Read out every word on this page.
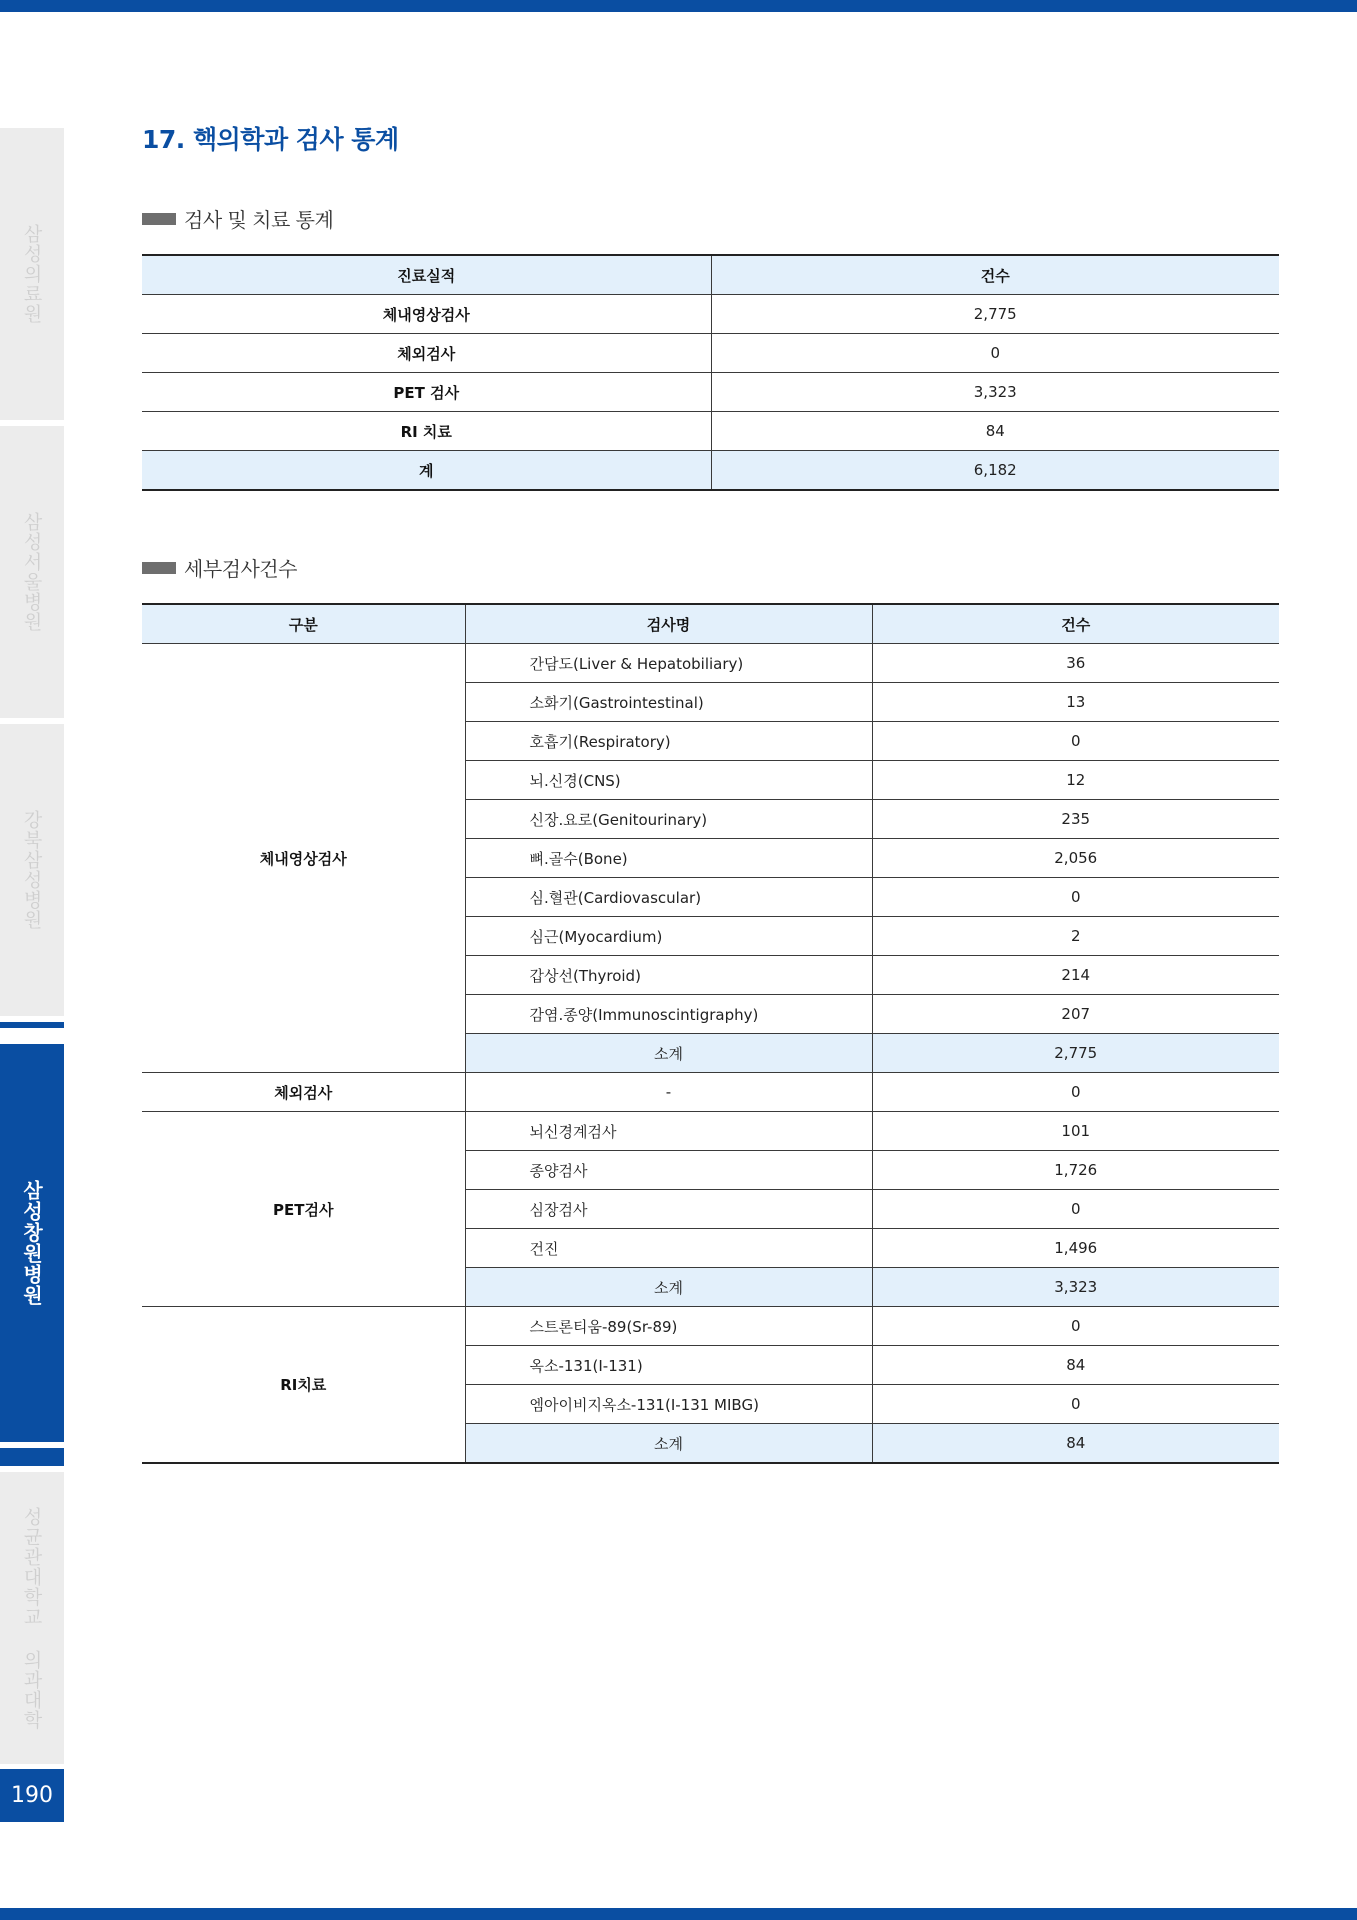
삼성의료원
삼성서울병원
강북삼성병원
삼성창원병원
성균관대학교 의과대학
190
17. 핵의학과 검사 통계
검사 및 치료 통계
진료실적	건수
체내영상검사	2,775
체외검사	0
PET 검사	3,323
RI 치료	84
계	6,182
세부검사건수
구분	검사명	건수
체내영상검사	간담도(Liver & Hepatobiliary)	36
	소화기(Gastrointestinal)	13
	호흡기(Respiratory)	0
	뇌.신경(CNS)	12
	신장.요로(Genitourinary)	235
	뼈.골수(Bone)	2,056
	심.혈관(Cardiovascular)	0
	심근(Myocardium)	2
	갑상선(Thyroid)	214
	감염.종양(Immunoscintigraphy)	207
	소계	2,775
체외검사	-	0
PET검사	뇌신경계검사	101
	종양검사	1,726
	심장검사	0
	건진	1,496
	소계	3,323
RI치료	스트론티움-89(Sr-89)	0
	옥소-131(I-131)	84
	엠아이비지옥소-131(I-131 MIBG)	0
	소계	84
